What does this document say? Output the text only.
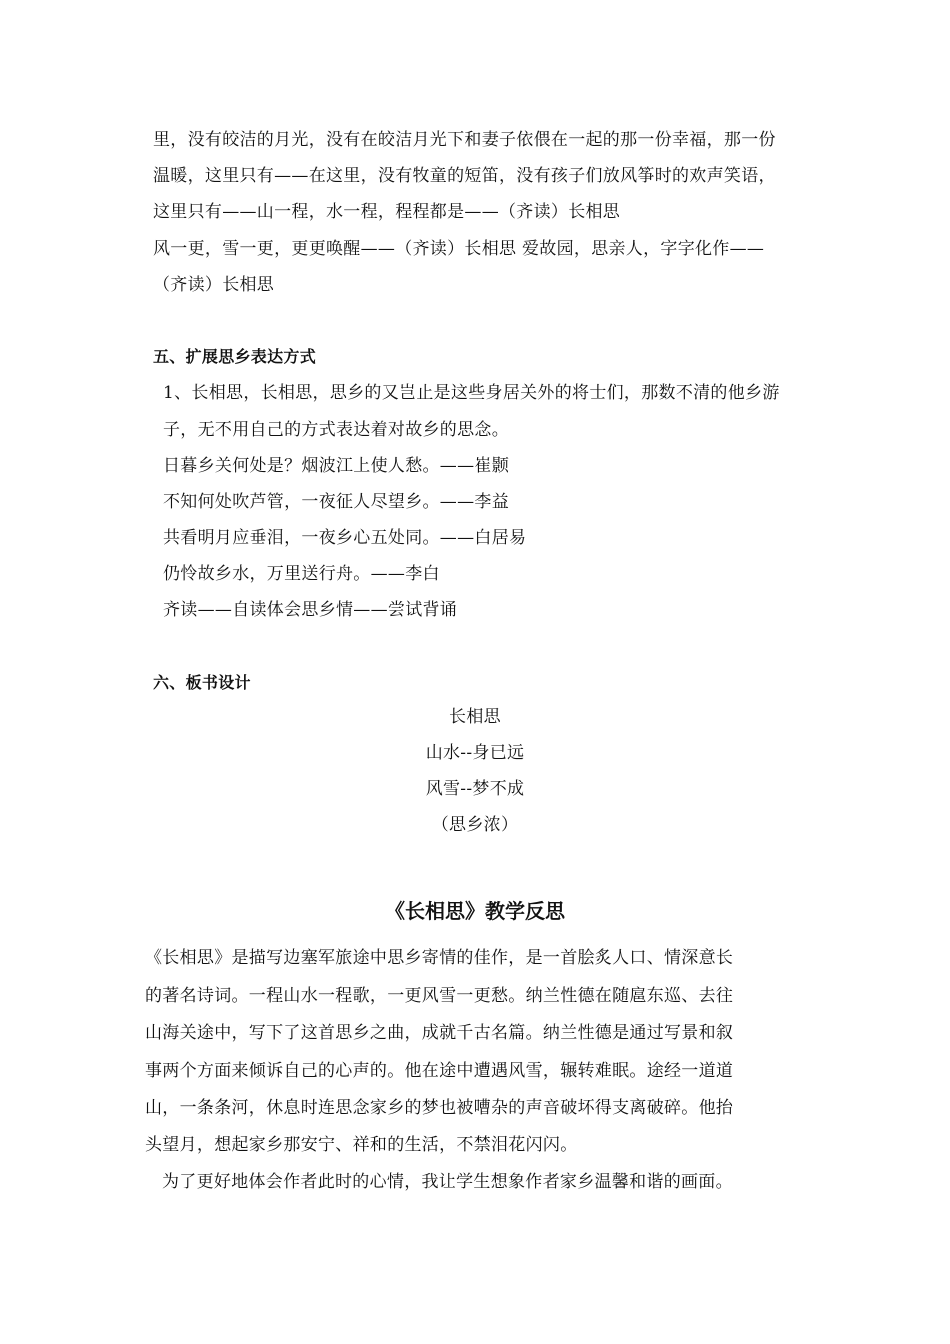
里，没有皎洁的月光，没有在皎洁月光下和妻子依偎在一起的那一份幸福，那一份
温暖，这里只有——在这里，没有牧童的短笛，没有孩子们放风筝时的欢声笑语，
这里只有——山一程，水一程，程程都是——（齐读）长相思
风一更，雪一更，更更唤醒——（齐读）长相思 爱故园，思亲人，字字化作——
（齐读）长相思
五、扩展思乡表达方式
1、长相思，长相思，思乡的又岂止是这些身居关外的将士们，那数不清的他乡游
子，无不用自己的方式表达着对故乡的思念。
日暮乡关何处是？烟波江上使人愁。——崔颢
不知何处吹芦管，一夜征人尽望乡。——李益
共看明月应垂泪，一夜乡心五处同。——白居易
仍怜故乡水，万里送行舟。——李白
齐读——自读体会思乡情——尝试背诵
六、板书设计
长相思
山水--身已远
风雪--梦不成
（思乡浓）
《长相思》教学反思
《长相思》是描写边塞军旅途中思乡寄情的佳作，是一首脍炙人口、情深意长
的著名诗词。一程山水一程歌，一更风雪一更愁。纳兰性德在随扈东巡、去往
山海关途中，写下了这首思乡之曲，成就千古名篇。纳兰性德是通过写景和叙
事两个方面来倾诉自己的心声的。他在途中遭遇风雪，辗转难眠。途经一道道
山，一条条河，休息时连思念家乡的梦也被嘈杂的声音破坏得支离破碎。他抬
头望月，想起家乡那安宁、祥和的生活，不禁泪花闪闪。
为了更好地体会作者此时的心情，我让学生想象作者家乡温馨和谐的画面。
